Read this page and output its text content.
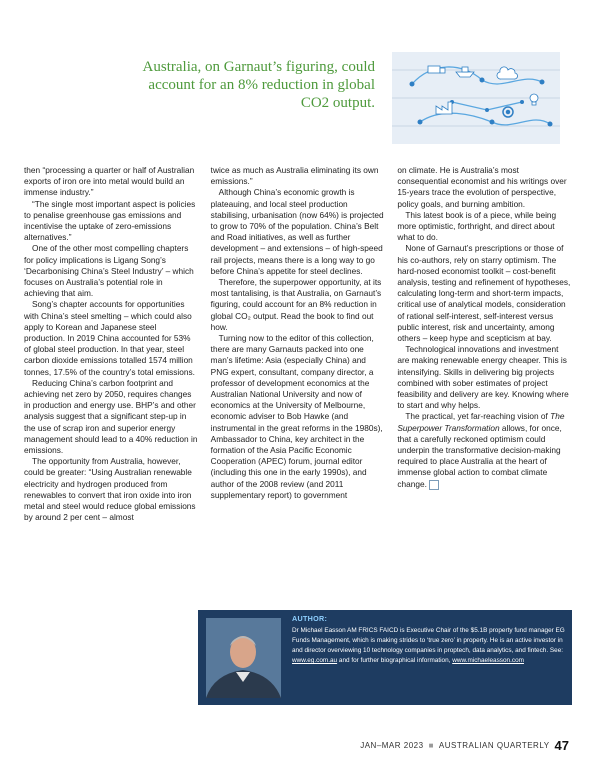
Australia, on Garnaut’s figuring, could account for an 8% reduction in global CO2 output.

then “processing a quarter or half of Australian exports of iron ore into metal would build an immense industry.”

“The single most important aspect is policies to penalise greenhouse gas emissions and incentivise the uptake of zero-emissions alternatives.”

One of the other most compelling chapters for policy implications is Ligang Song’s ‘Decarbonising China’s Steel Industry’ – which focuses on Australia’s potential role in achieving that aim.

Song’s chapter accounts for opportunities with China’s steel smelting – which could also apply to Korean and Japanese steel production. In 2019 China accounted for 53% of global steel production. In that year, steel carbon dioxide emissions totalled 1574 million tonnes, 17.5% of the country’s total emissions.

Reducing China’s carbon footprint and achieving net zero by 2050, requires changes in production and energy use. BHP’s and other analysis suggest that a significant step-up in the use of scrap iron and superior energy management should lead to a 40% reduction in emissions.

The opportunity from Australia, however, could be greater: “Using Australian renewable electricity and hydrogen produced from renewables to convert that iron oxide into iron metal and steel would reduce global emissions by around 2 per cent – almost

twice as much as Australia eliminating its own emissions.”

Although China’s economic growth is plateauing, and local steel production stabilising, urbanisation (now 64%) is projected to grow to 70% of the population. China’s Belt and Road initiatives, as well as further development – and extensions – of high-speed rail projects, means there is a long way to go before China’s appetite for steel declines.

Therefore, the superpower opportunity, at its most tantalising, is that Australia, on Garnaut’s figuring, could account for an 8% reduction in global CO₂ output. Read the book to find out how.

Turning now to the editor of this collection, there are many Garnauts packed into one man’s lifetime: Asia (especially China) and PNG expert, consultant, company director, a professor of development economics at the Australian National University and now of economics at the University of Melbourne, economic adviser to Bob Hawke (and instrumental in the great reforms in the 1980s), Ambassador to China, key architect in the formation of the Asia Pacific Economic Cooperation (APEC) forum, journal editor (including this one in the early 1990s), and author of the 2008 review (and 2011 supplementary report) to government

on climate. He is Australia’s most consequential economist and his writings over 15-years trace the evolution of perspective, policy goals, and burning ambition.

This latest book is of a piece, while being more optimistic, forthright, and direct about what to do.

None of Garnaut’s prescriptions or those of his co-authors, rely on starry optimism. The hard-nosed economist toolkit – cost-benefit analysis, testing and refinement of hypotheses, calculating long-term and short-term impacts, critical use of analytical models, consideration of rational self-interest, self-interest versus public interest, risk and uncertainty, among others – keep hype and scepticism at bay.

Technological innovations and investment are making renewable energy cheaper. This is intensifying. Skills in delivering big projects combined with sober estimates of project feasibility and delivery are key. Knowing where to start and why helps.

The practical, yet far-reaching vision of The Superpower Transformation allows, for once, that a carefully reckoned optimism could underpin the transformative decision-making required to place Australia at the heart of immense global action to combat climate change.

AUTHOR:
Dr Michael Easson AM FRICS FAICD is Executive Chair of the $5.1B property fund manager EG Funds Management, which is making strides to ‘true zero’ in property. He is an active investor in and director overviewing 10 technology companies in proptech, data analytics, and fintech. See: www.eg.com.au and for further biographical information, www.michaeleasson.com
JAN–MAR 2023 ■ AUSTRALIAN QUARTERLY 47
